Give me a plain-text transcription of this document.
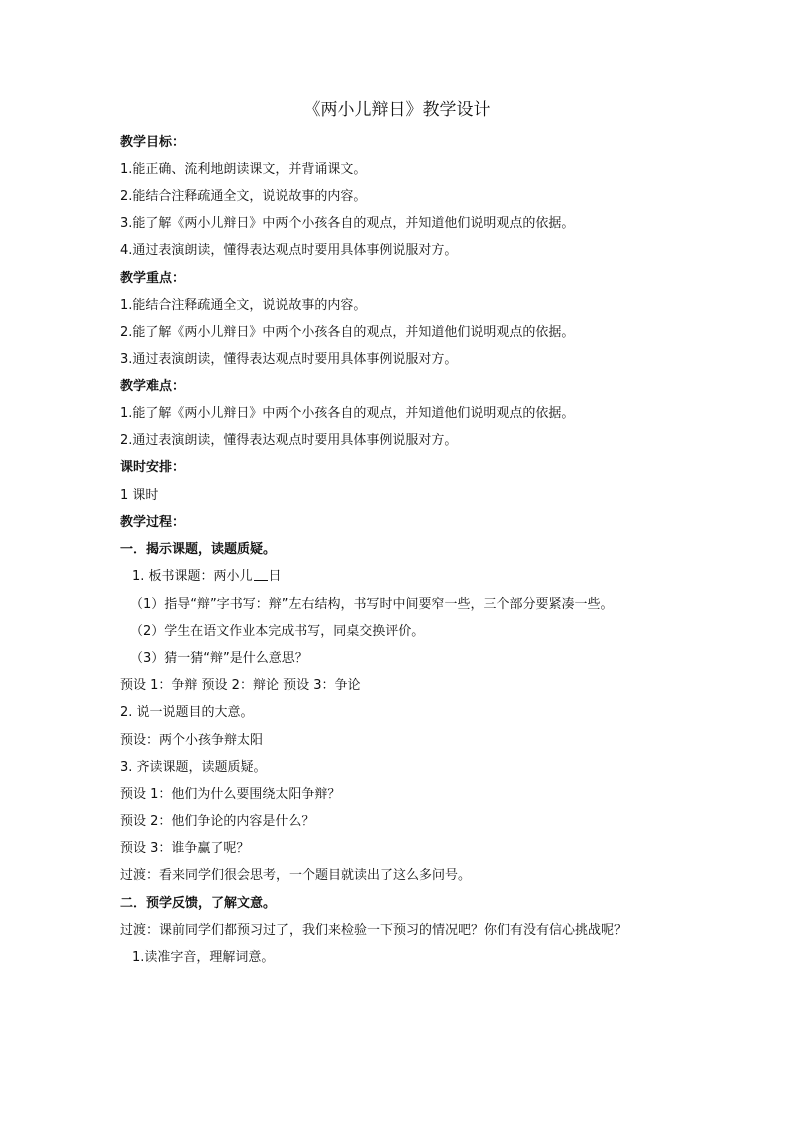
《两小儿辩日》教学设计
教学目标：
1.能正确、流利地朗读课文，并背诵课文。
2.能结合注释疏通全文，说说故事的内容。
3.能了解《两小儿辩日》中两个小孩各自的观点，并知道他们说明观点的依据。
4.通过表演朗读，懂得表达观点时要用具体事例说服对方。
教学重点：
1.能结合注释疏通全文，说说故事的内容。
2.能了解《两小儿辩日》中两个小孩各自的观点，并知道他们说明观点的依据。
3.通过表演朗读，懂得表达观点时要用具体事例说服对方。
教学难点：
1.能了解《两小儿辩日》中两个小孩各自的观点，并知道他们说明观点的依据。
2.通过表演朗读，懂得表达观点时要用具体事例说服对方。
课时安排：
1 课时
教学过程：
一．揭示课题，读题质疑。
1. 板书课题：两小儿 日
（1）指导“辩”字书写：辩”左右结构，书写时中间要窄一些，三个部分要紧凑一些。
（2）学生在语文作业本完成书写，同桌交换评价。
（3）猜一猜“辩”是什么意思？
预设 1：争辩 预设 2：辩论 预设 3：争论
2. 说一说题目的大意。
预设：两个小孩争辩太阳
3. 齐读课题，读题质疑。
预设 1：他们为什么要围绕太阳争辩？
预设 2：他们争论的内容是什么？
预设 3：谁争赢了呢？
过渡：看来同学们很会思考，一个题目就读出了这么多问号。
二．预学反馈，了解文意。
过渡：课前同学们都预习过了，我们来检验一下预习的情况吧？你们有没有信心挑战呢？
1.读准字音，理解词意。
